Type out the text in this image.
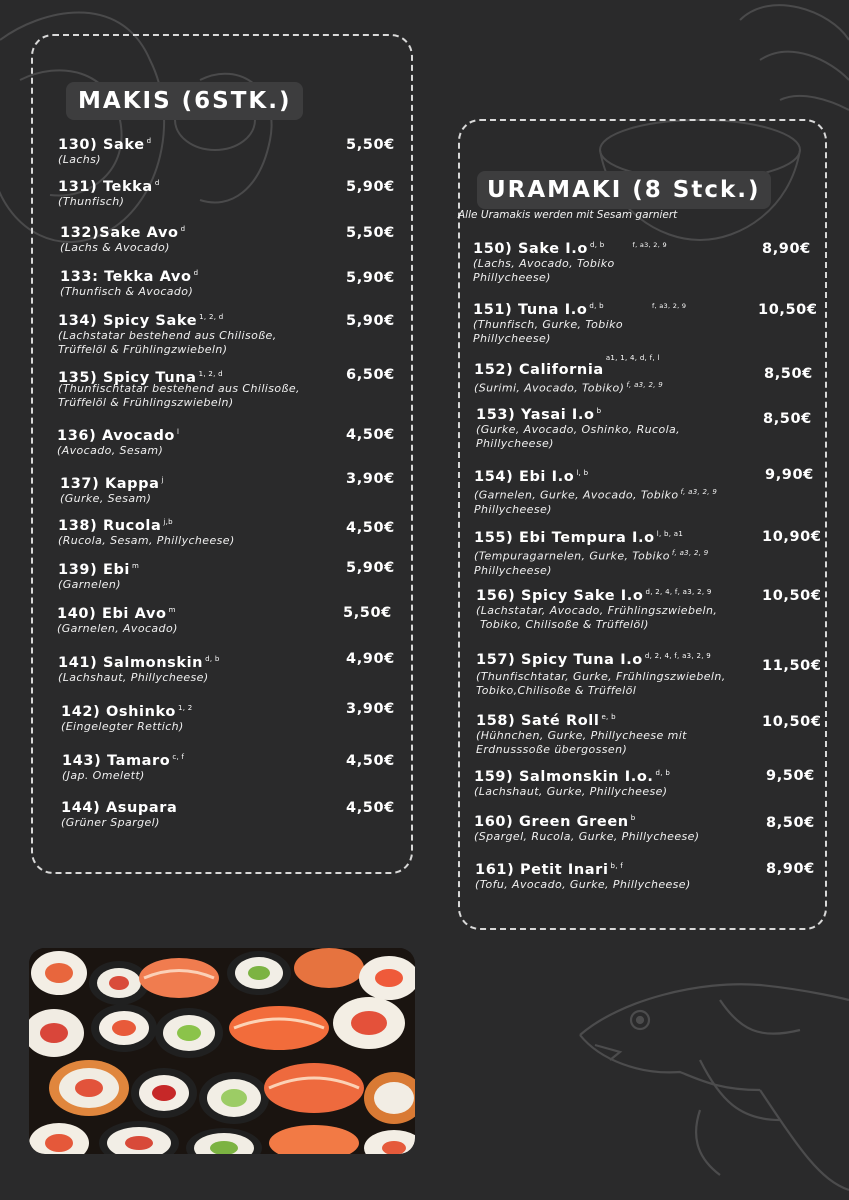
MAKIS (6STK.)
130) Sake $^d$
(Lachs)
5,50€
131) Tekka $^d$
(Thunfisch)
5,90€
132)Sake Avo $^d$
(Lachs & Avocado)
5,50€
133: Tekka Avo $^d$
(Thunfisch & Avocado)
5,90€
134) Spicy Sake $^{1, 2, d}$
(Lachstatar bestehend aus Chilisoße,
Trüffelöl & Frühlingzwiebeln)
5,90€
135) Spicy Tuna $^{1, 2, d}$
(Thunfischtatar bestehend aus Chilisoße,
Trüffelöl & Frühlingszwiebeln)
6,50€
136) Avocado $^l$
(Avocado, Sesam)
4,50€
137) Kappa $^j$
(Gurke, Sesam)
3,90€
138) Rucola $^{j,b}$
(Rucola, Sesam, Phillycheese)
4,50€
139) Ebi $^m$
(Garnelen)
5,90€
140) Ebi Avo $^m$
(Garnelen, Avocado)
5,50€
141) Salmonskin $^{d, b}$
(Lachshaut, Phillycheese)
4,90€
142) Oshinko $^{1, 2}$
(Eingelegter Rettich)
3,90€
143) Tamaro $^{c, f}$
(Jap. Omelett)
4,50€
144) Asupara
(Grüner Spargel)
4,50€
URAMAKI (8 Stck.)
Alle Uramakis werden mit Sesam garniert
150) Sake I.o $^{d, b}$	$^{f, a3, 2, 9}$
(Lachs, Avocado, Tobiko
Phillycheese)
8,90€
151) Tuna I.o $^{d, b}$	$^{f, a3, 2, 9}$
(Thunfisch, Gurke, Tobiko
Phillycheese)
10,50€
152) California$^{a1, 1, 4, d, f, l}$
(Surimi, Avocado, Tobiko) $^{f, a3, 2, 9}$
8,50€
153) Yasai I.o $^b$
(Gurke, Avocado, Oshinko, Rucola,
Phillycheese)
8,50€
154) Ebi I.o $^{l, b}$
(Garnelen, Gurke, Avocado, Tobiko $^{f, a3, 2, 9}$
Phillycheese)
9,90€
155) Ebi Tempura I.o $^{l, b, a1}$
(Tempuragarnelen, Gurke, Tobiko $^{f, a3, 2, 9}$
Phillycheese)
10,90€
156) Spicy Sake I.o $^{d, 2, 4, f, a3, 2, 9}$
(Lachstatar, Avocado, Frühlingszwiebeln,
Tobiko, Chilisoße & Trüffelöl)
10,50€
157) Spicy Tuna I.o $^{d, 2, 4, f, a3, 2, 9}$
(Thunfischtatar, Gurke, Frühlingszwiebeln,
Tobiko,Chilisoße & Trüffelöl
11,50€
158) Saté Roll $^{e, b}$
(Hühnchen, Gurke, Phillycheese mit
Erdnusssoße übergossen)
10,50€
159) Salmonskin I.o. $^{d, b}$
(Lachshaut, Gurke, Phillycheese)
9,50€
160) Green Green $^b$
(Spargel, Rucola, Gurke, Phillycheese)
8,50€
161) Petit Inari $^{b, f}$
(Tofu, Avocado, Gurke, Phillycheese)
8,90€
